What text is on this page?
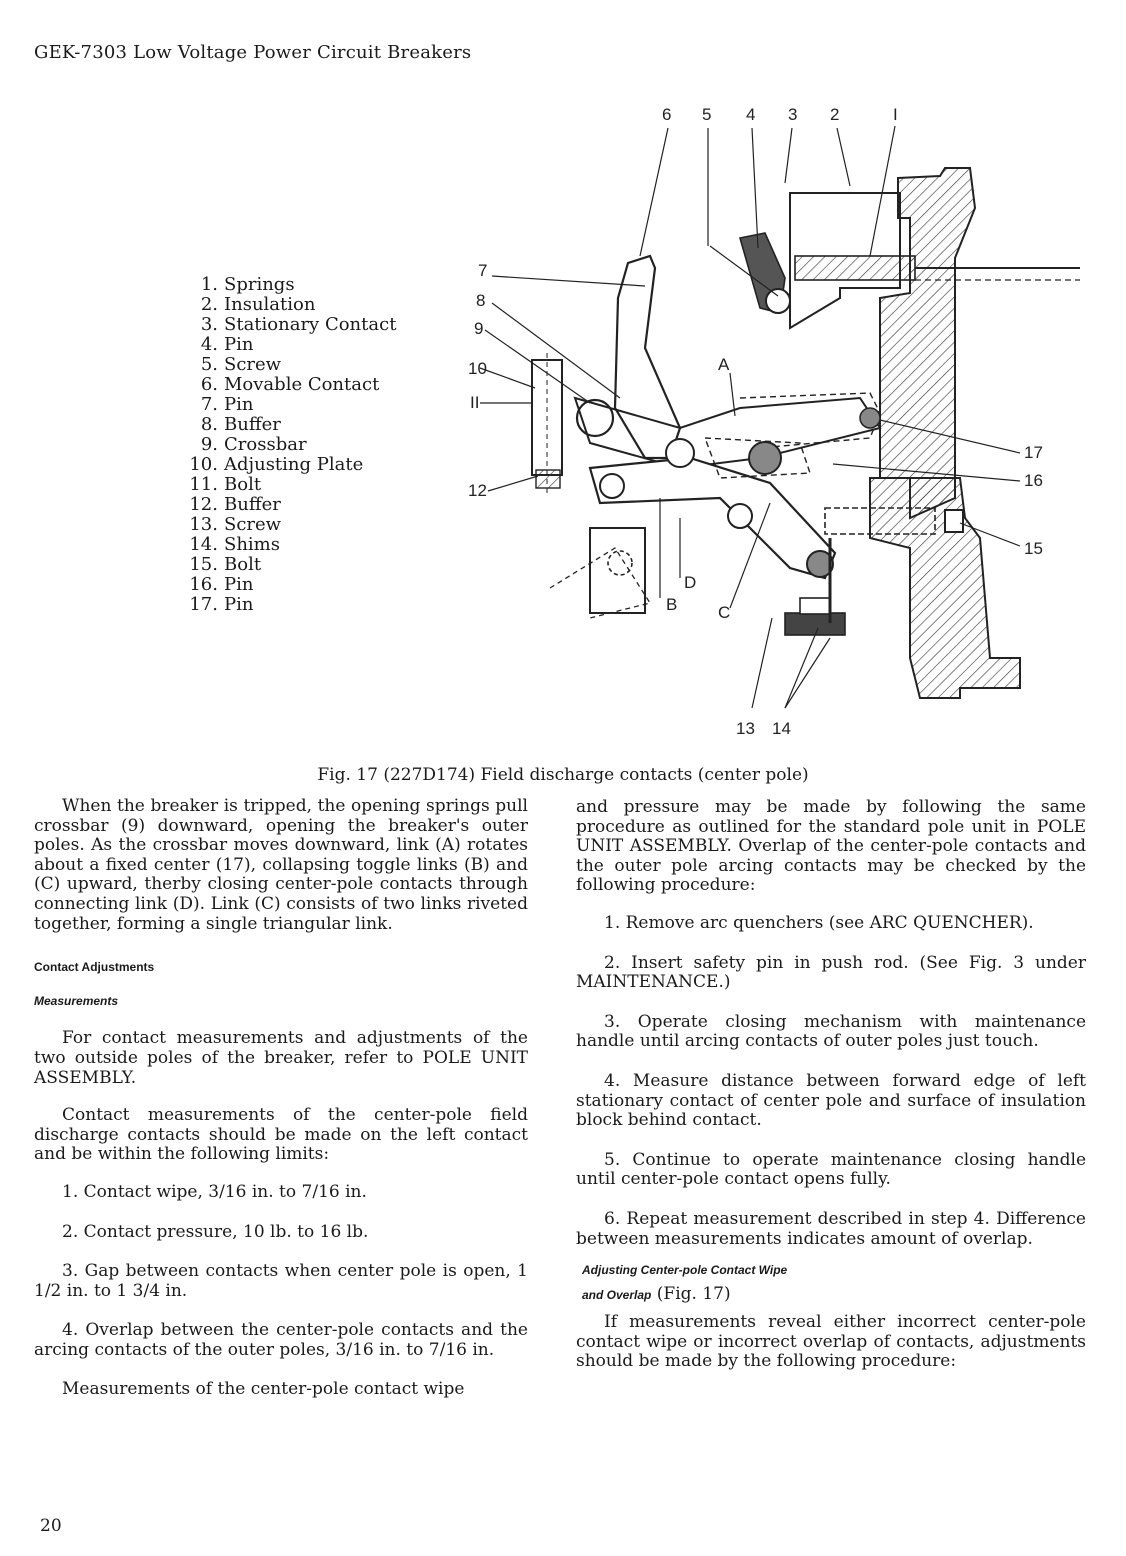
GEK-7303 Low Voltage Power Circuit Breakers
1. Springs
2. Insulation
3. Stationary Contact
4. Pin
5. Screw
6. Movable Contact
7. Pin
8. Buffer
9. Crossbar
10. Adjusting Plate
11. Bolt
12. Buffer
13. Screw
14. Shims
15. Bolt
16. Pin
17. Pin
6 5 4 3 2	I
7
8
9
10
II
12
A
17
16
15
D
B C
13 14
Fig. 17 (227D174) Field discharge contacts (center pole)

When the breaker is tripped, the opening springs pull crossbar (9) downward, opening the breaker's outer poles. As the crossbar moves downward, link (A) rotates about a fixed center (17), collapsing toggle links (B) and (C) upward, therby closing center-pole contacts through connecting link (D). Link (C) consists of two links riveted together, forming a single triangular link.

Contact Adjustments

Measurements

For contact measurements and adjustments of the two outside poles of the breaker, refer to POLE UNIT ASSEMBLY.

Contact measurements of the center-pole field discharge contacts should be made on the left contact and be within the following limits:

1. Contact wipe, 3/16 in. to 7/16 in.

2. Contact pressure, 10 lb. to 16 lb.

3. Gap between contacts when center pole is open, 1 1/2 in. to 1 3/4 in.

4. Overlap between the center-pole contacts and the arcing contacts of the outer poles, 3/16 in. to 7/16 in.

Measurements of the center-pole contact wipe

and pressure may be made by following the same procedure as outlined for the standard pole unit in POLE UNIT ASSEMBLY. Overlap of the center-pole contacts and the outer pole arcing contacts may be checked by the following procedure:

1. Remove arc quenchers (see ARC QUENCHER).

2. Insert safety pin in push rod. (See Fig. 3 under MAINTENANCE.)

3. Operate closing mechanism with maintenance handle until arcing contacts of outer poles just touch.

4. Measure distance between forward edge of left stationary contact of center pole and surface of insulation block behind contact.

5. Continue to operate maintenance closing handle until center-pole contact opens fully.

6. Repeat measurement described in step 4. Difference between measurements indicates amount of overlap.

Adjusting Center-pole Contact Wipe

and Overlap (Fig. 17)

If measurements reveal either incorrect center-pole contact wipe or incorrect overlap of contacts, adjustments should be made by the following procedure:

20
